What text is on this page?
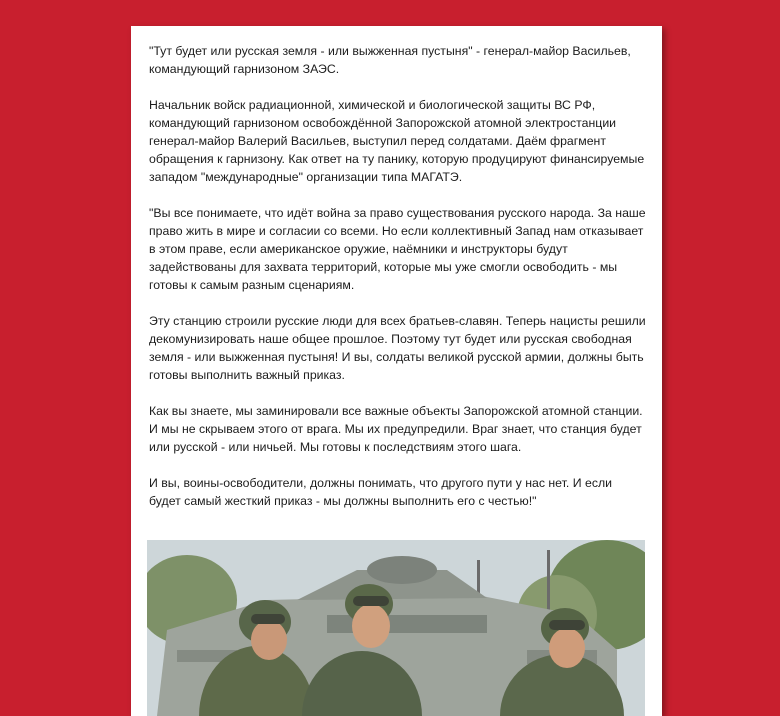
"Тут будет или русская земля - или выжженная пустыня" - генерал-майор Васильев, командующий гарнизоном ЗАЭС.

Начальник войск радиационной, химической и биологической защиты ВС РФ, командующий гарнизоном освобождённой Запорожской атомной электростанции генерал-майор Валерий Васильев, выступил перед солдатами. Даём фрагмент обращения к гарнизону. Как ответ на ту панику, которую продуцируют финансируемые западом "международные" организации типа МАГАТЭ.

"Вы все понимаете, что идёт война за право существования русского народа. За наше право жить в мире и согласии со всеми. Но если коллективный Запад нам отказывает в этом праве, если американское оружие, наёмники и инструкторы будут задействованы для захвата территорий, которые мы уже смогли освободить - мы готовы к самым разным сценариям.

Эту станцию строили русские люди для всех братьев-славян. Теперь нацисты решили декомунизировать наше общее прошлое. Поэтому тут будет или русская свободная земля - или выжженная пустыня! И вы, солдаты великой русской армии, должны быть готовы выполнить важный приказ.

Как вы знаете, мы заминировали все важные объекты Запорожской атомной станции. И мы не скрываем этого от врага. Мы их предупредили. Враг знает, что станция будет или русской - или ничьей. Мы готовы к последствиям этого шага.

И вы, воины-освободители, должны понимать, что другого пути у нас нет. И если будет самый жесткий приказ - мы должны выполнить его с честью!"
